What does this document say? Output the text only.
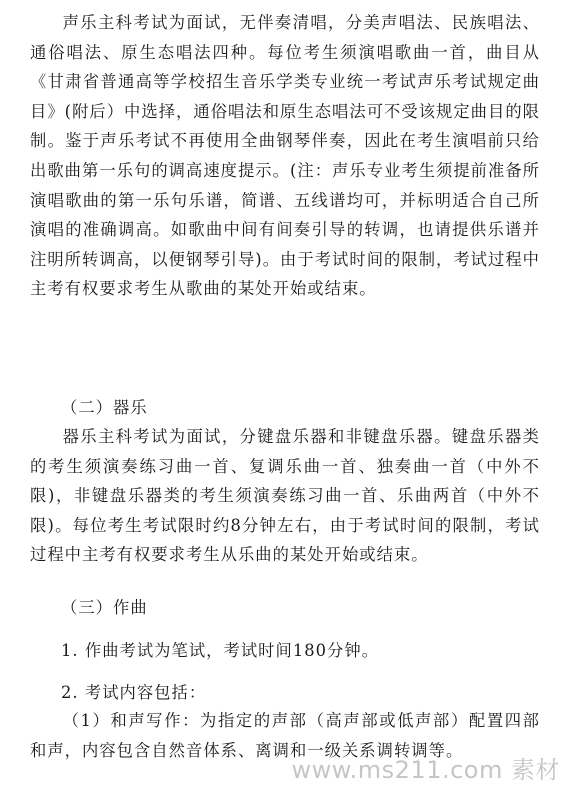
声乐主科考试为面试，无伴奏清唱，分美声唱法、民族唱法、通俗唱法、原生态唱法四种。每位考生须演唱歌曲一首，曲目从《甘肃省普通高等学校招生音乐学类专业统一考试声乐考试规定曲目》(附后）中选择，通俗唱法和原生态唱法可不受该规定曲目的限制。鉴于声乐考试不再使用全曲钢琴伴奏，因此在考生演唱前只给出歌曲第一乐句的调高速度提示。(注：声乐专业考生须提前准备所演唱歌曲的第一乐句乐谱，简谱、五线谱均可，并标明适合自己所演唱的准确调高。如歌曲中间有间奏引导的转调，也请提供乐谱并注明所转调高，以便钢琴引导)。由于考试时间的限制，考试过程中主考有权要求考生从歌曲的某处开始或结束。

（二）器乐

器乐主科考试为面试，分键盘乐器和非键盘乐器。键盘乐器类的考生须演奏练习曲一首、复调乐曲一首、独奏曲一首（中外不限)，非键盘乐器类的考生须演奏练习曲一首、乐曲两首（中外不限)。每位考生考试限时约8分钟左右，由于考试时间的限制，考试过程中主考有权要求考生从乐曲的某处开始或结束。

（三）作曲

1. 作曲考试为笔试，考试时间180分钟。

2. 考试内容包括：

（1）和声写作：为指定的声部（高声部或低声部）配置四部和声，内容包含自然音体系、离调和一级关系调转调等。

www.ms211.com 素材
